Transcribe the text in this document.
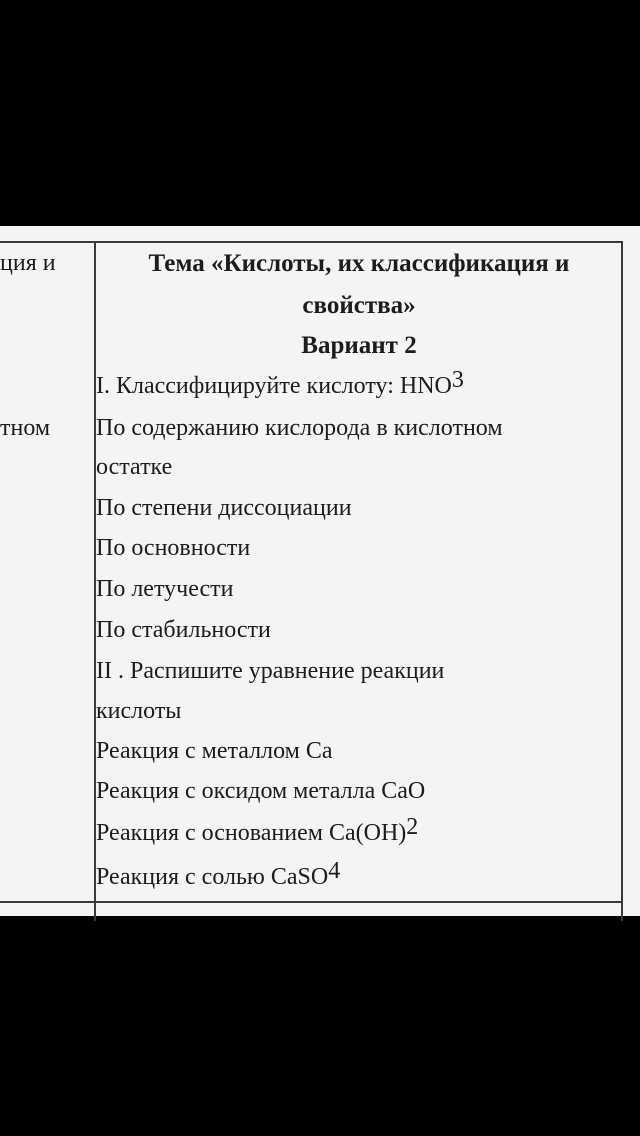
ция и
тном
Тема «Кислоты, их классификация и
свойства»
Вариант 2
I. Классифицируйте кислоту: HNO3
По содержанию кислорода в кислотном
остатке
По степени диссоциации
По основности
По летучести
По стабильности
II . Распишите уравнение реакции
кислоты
Реакция с металлом Ca
Реакция с оксидом металла CaO
Реакция с основанием Ca(OH)2
Реакция с солью CaSO4
